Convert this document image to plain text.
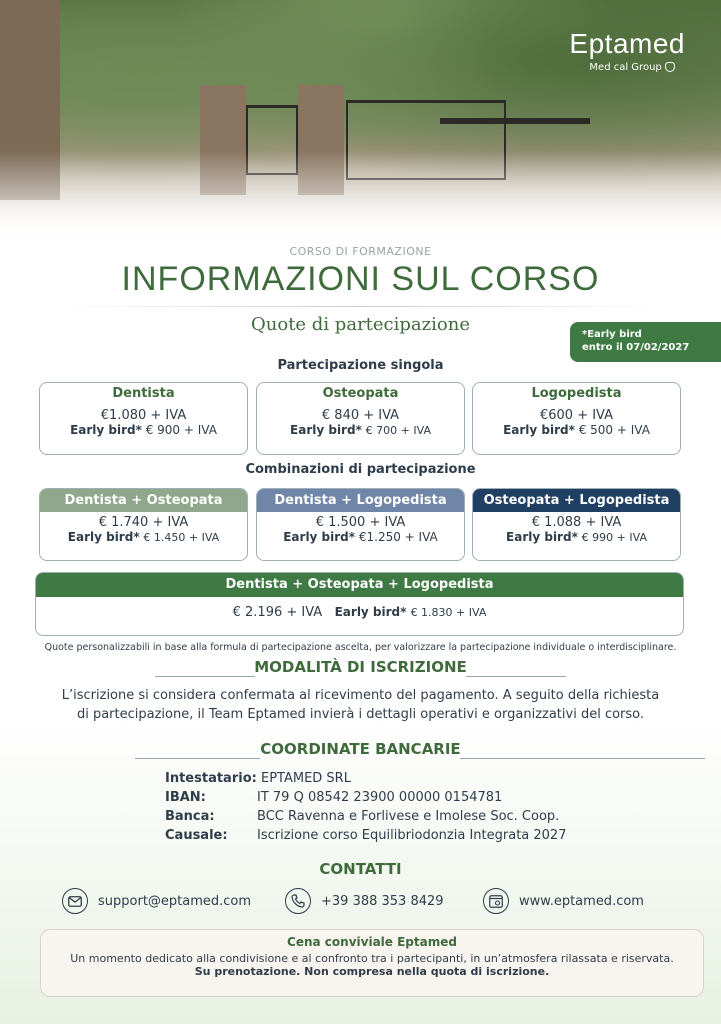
Eptamed
Med cal Group
CORSO DI FORMAZIONE
INFORMAZIONI SUL CORSO
Quote di partecipazione	*Early bird
entro il 07/02/2027
Partecipazione singola
Dentista
€1.080 + IVA
Early bird* € 900 + IVA
Osteopata
€ 840 + IVA
Early bird* € 700 + IVA
Logopedista
€600 + IVA
Early bird* € 500 + IVA
Combinazioni di partecipazione
Dentista + Osteopata
€ 1.740 + IVA
Early bird* € 1.450 + IVA
Dentista + Logopedista
€ 1.500 + IVA
Early bird* €1.250 + IVA
Osteopata + Logopedista
€ 1.088 + IVA
Early bird* € 990 + IVA
Dentista + Osteopata + Logopedista
€ 2.196 + IVA Early bird* € 1.830 + IVA
Quote personalizzabili in base alla formula di partecipazione ascelta, per valorizzare la partecipazione individuale o interdisciplinare.
MODALITÀ DI ISCRIZIONE
L’iscrizione si considera confermata al ricevimento del pagamento. A seguito della richiesta
di partecipazione, il Team Eptamed invierà i dettagli operativi e organizzativi del corso.
COORDINATE BANCARIE
Intestatario: EPTAMED SRL
IBAN:	IT 79 Q 08542 23900 00000 0154781
Banca:	BCC Ravenna e Forlivese e Imolese Soc. Coop.
Causale: Iscrizione corso Equilibriodonzia Integrata 2027
CONTATTI
support@eptamed.com	+39 388 353 8429	www.eptamed.com
Cena conviviale Eptamed
Un momento dedicato alla condivisione e al confronto tra i partecipanti, in un’atmosfera rilassata e riservata.
Su prenotazione. Non compresa nella quota di iscrizione.
